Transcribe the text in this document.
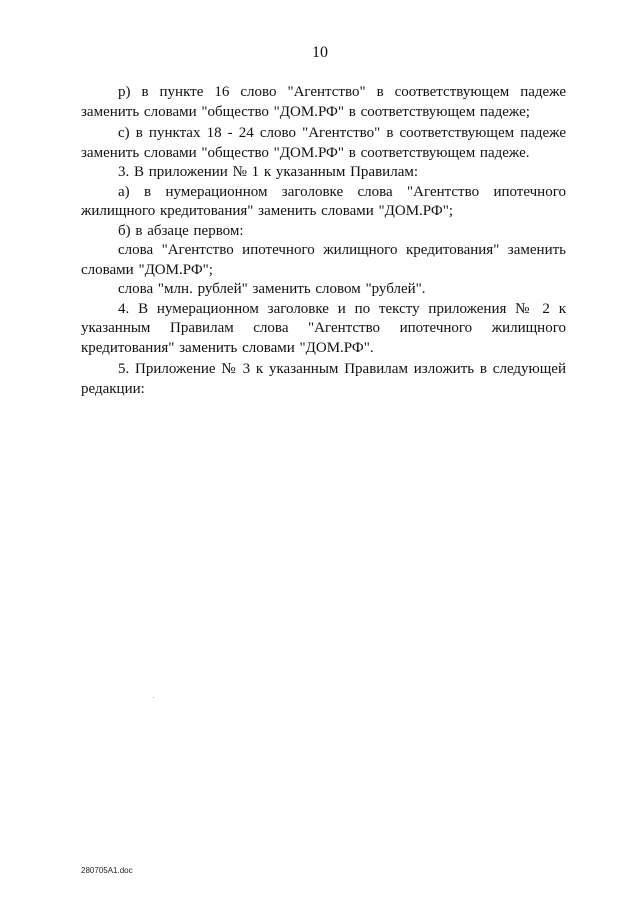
10

р) в пункте 16 слово "Агентство" в соответствующем падеже заменить словами "общество "ДОМ.РФ" в соответствующем падеже;

с) в пунктах 18 - 24 слово "Агентство" в соответствующем падеже заменить словами "общество "ДОМ.РФ" в соответствующем падеже.

3. В приложении № 1 к указанным Правилам:

а) в нумерационном заголовке слова "Агентство ипотечного жилищного кредитования" заменить словами "ДОМ.РФ";

б) в абзаце первом:

слова "Агентство ипотечного жилищного кредитования" заменить словами "ДОМ.РФ";

слова "млн. рублей" заменить словом "рублей".

4. В нумерационном заголовке и по тексту приложения № 2 к указанным Правилам слова "Агентство ипотечного жилищного кредитования" заменить словами "ДОМ.РФ".

5. Приложение № 3 к указанным Правилам изложить в следующей редакции:

280705A1.doc
